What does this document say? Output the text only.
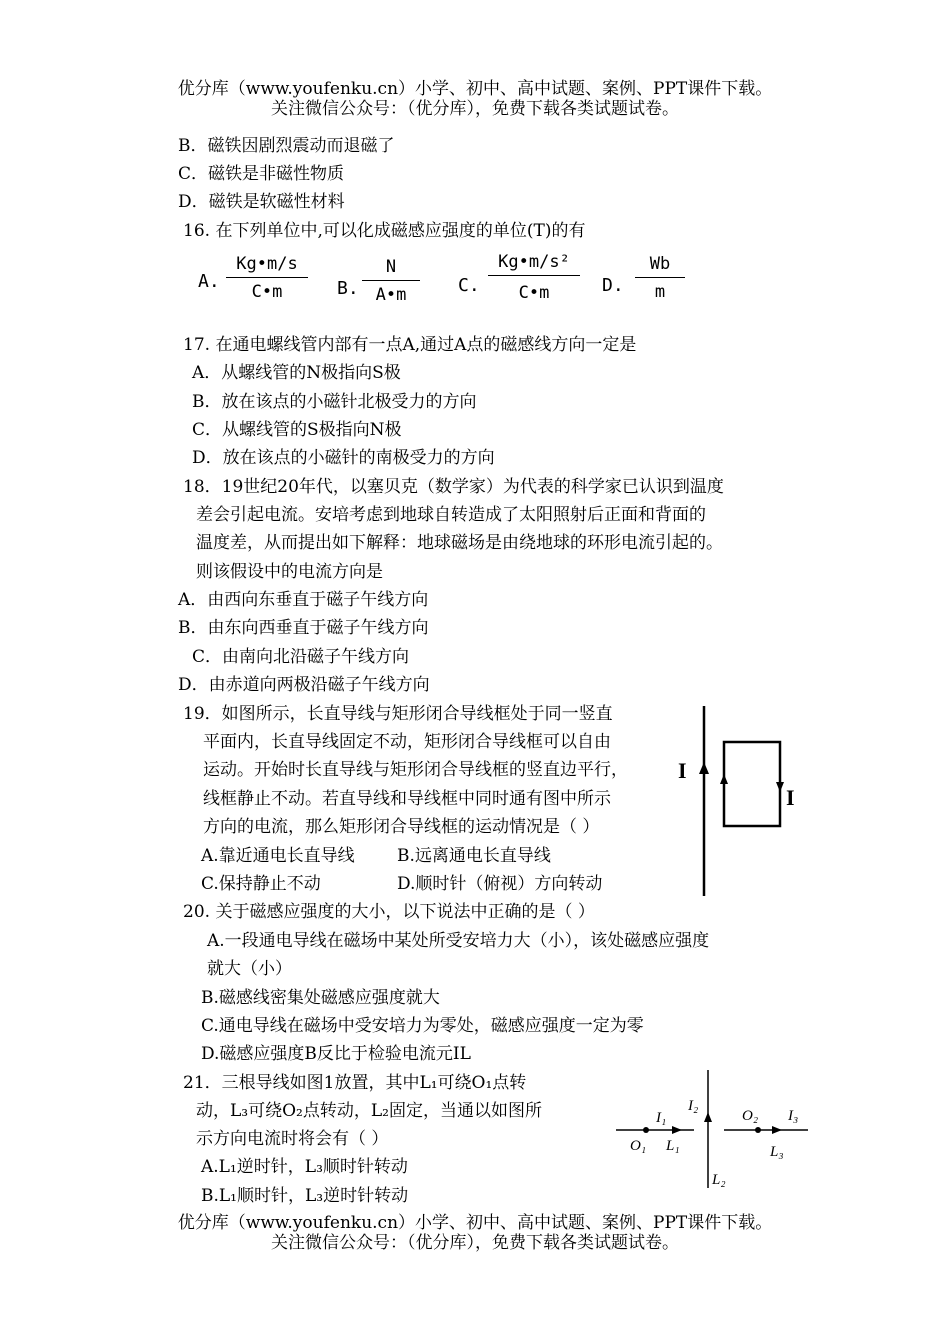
优分库（www.youfenku.cn）小学、初中、高中试题、案例、PPT课件下载。
关注微信公众号：（优分库），免费下载各类试题试卷。
B．磁铁因剧烈震动而退磁了
C．磁铁是非磁性物质
D．磁铁是软磁性材料
16. 在下列单位中,可以化成磁感应强度的单位(T)的有
A. $\frac{Kg•m/s}{C•m} B$. $\frac{N}{A•m} C$. $\frac{\text{Kg•m/s²}}{C•m} D$. $\frac{Wb}{m}$
17. 在通电螺线管内部有一点A,通过A点的磁感线方向一定是
A．从螺线管的N极指向S极
B．放在该点的小磁针北极受力的方向
C．从螺线管的S极指向N极
D．放在该点的小磁针的南极受力的方向
18．19世纪20年代，以塞贝克（数学家）为代表的科学家已认识到温度
差会引起电流。安培考虑到地球自转造成了太阳照射后正面和背面的
温度差，从而提出如下解释：地球磁场是由绕地球的环形电流引起的。
则该假设中的电流方向是
A．由西向东垂直于磁子午线方向
B．由东向西垂直于磁子午线方向
C．由南向北沿磁子午线方向
D．由赤道向两极沿磁子午线方向
19．如图所示，长直导线与矩形闭合导线框处于同一竖直
平面内，长直导线固定不动，矩形闭合导线框可以自由
运动。开始时长直导线与矩形闭合导线框的竖直边平行，
线框静止不动。若直导线和导线框中同时通有图中所示
方向的电流，那么矩形闭合导线框的运动情况是（ ）
A.靠近通电长直导线 B.远离通电长直导线
C.保持静止不动	D.顺时针（俯视）方向转动
I
I
20. 关于磁感应强度的大小，以下说法中正确的是（ ）
A.一段通电导线在磁场中某处所受安培力大（小），该处磁感应强度
就大（小）
B.磁感线密集处磁感应强度就大
C.通电导线在磁场中受安培力为零处，磁感应强度一定为零
D.磁感应强度B反比于检验电流元IL
21．三根导线如图1放置，其中L₁可绕O₁点转
动，L₃可绕O₂点转动，L₂固定，当通以如图所
示方向电流时将会有（ ）
A.L₁逆时针，L₃顺时针转动
B.L₁顺时针，L₃逆时针转动
I₂
L₂
I₁
O₁ L₁
O₂ I₃
L₃
优分库（www.youfenku.cn）小学、初中、高中试题、案例、PPT课件下载。
关注微信公众号：（优分库），免费下载各类试题试卷。
